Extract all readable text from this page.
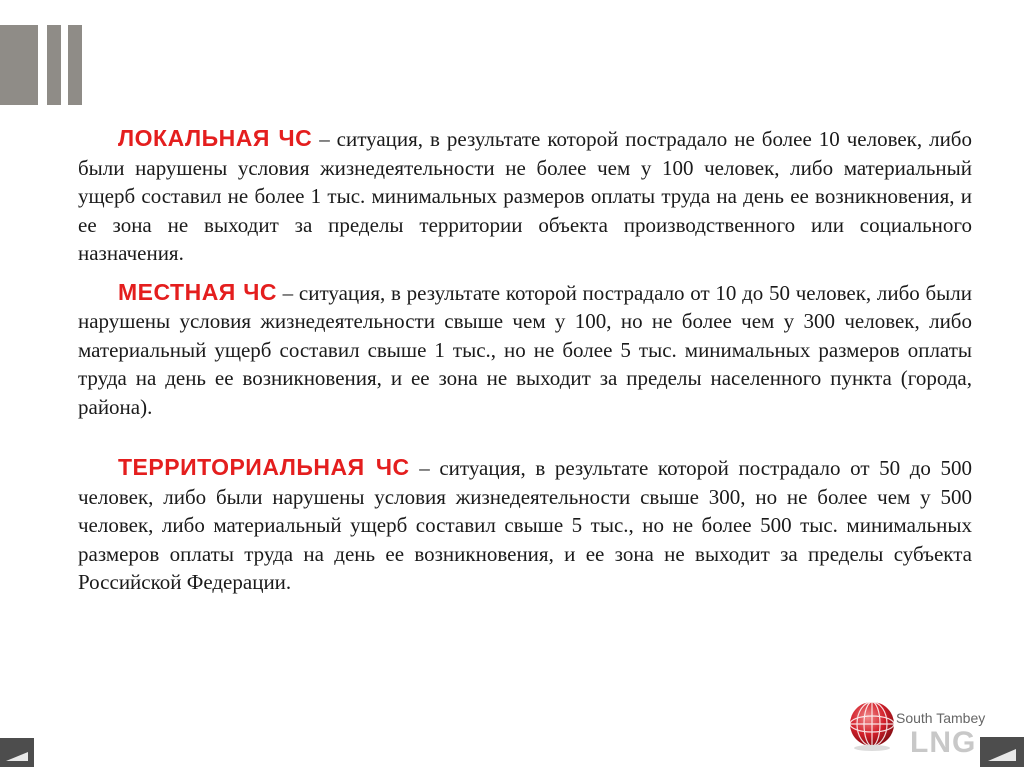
ЛОКАЛЬНАЯ ЧС – ситуация, в результате которой пострадало не более 10 человек, либо были нарушены условия жизнедеятельности не более чем у 100 человек, либо материальный ущерб составил не более 1 тыс. минимальных размеров оплаты труда на день ее возникновения, и ее зона не выходит за пределы территории объекта производственного или социального назначения.

МЕСТНАЯ ЧС – ситуация, в результате которой пострадало от 10 до 50 человек, либо были нарушены условия жизнедеятельности свыше чем у 100, но не более чем у 300 человек, либо материальный ущерб составил свыше 1 тыс., но не более 5 тыс. минимальных размеров оплаты труда на день ее возникновения, и ее зона не выходит за пределы населенного пункта (города, района).

ТЕРРИТОРИАЛЬНАЯ ЧС – ситуация, в результате которой пострадало от 50 до 500 человек, либо были нарушены условия жизнедеятельности свыше 300, но не более чем у 500 человек, либо материальный ущерб составил свыше 5 тыс., но не более 500 тыс. минимальных размеров оплаты труда на день ее возникновения, и ее зона не выходит за пределы субъекта Российской Федерации.

South Tambey
LNG
